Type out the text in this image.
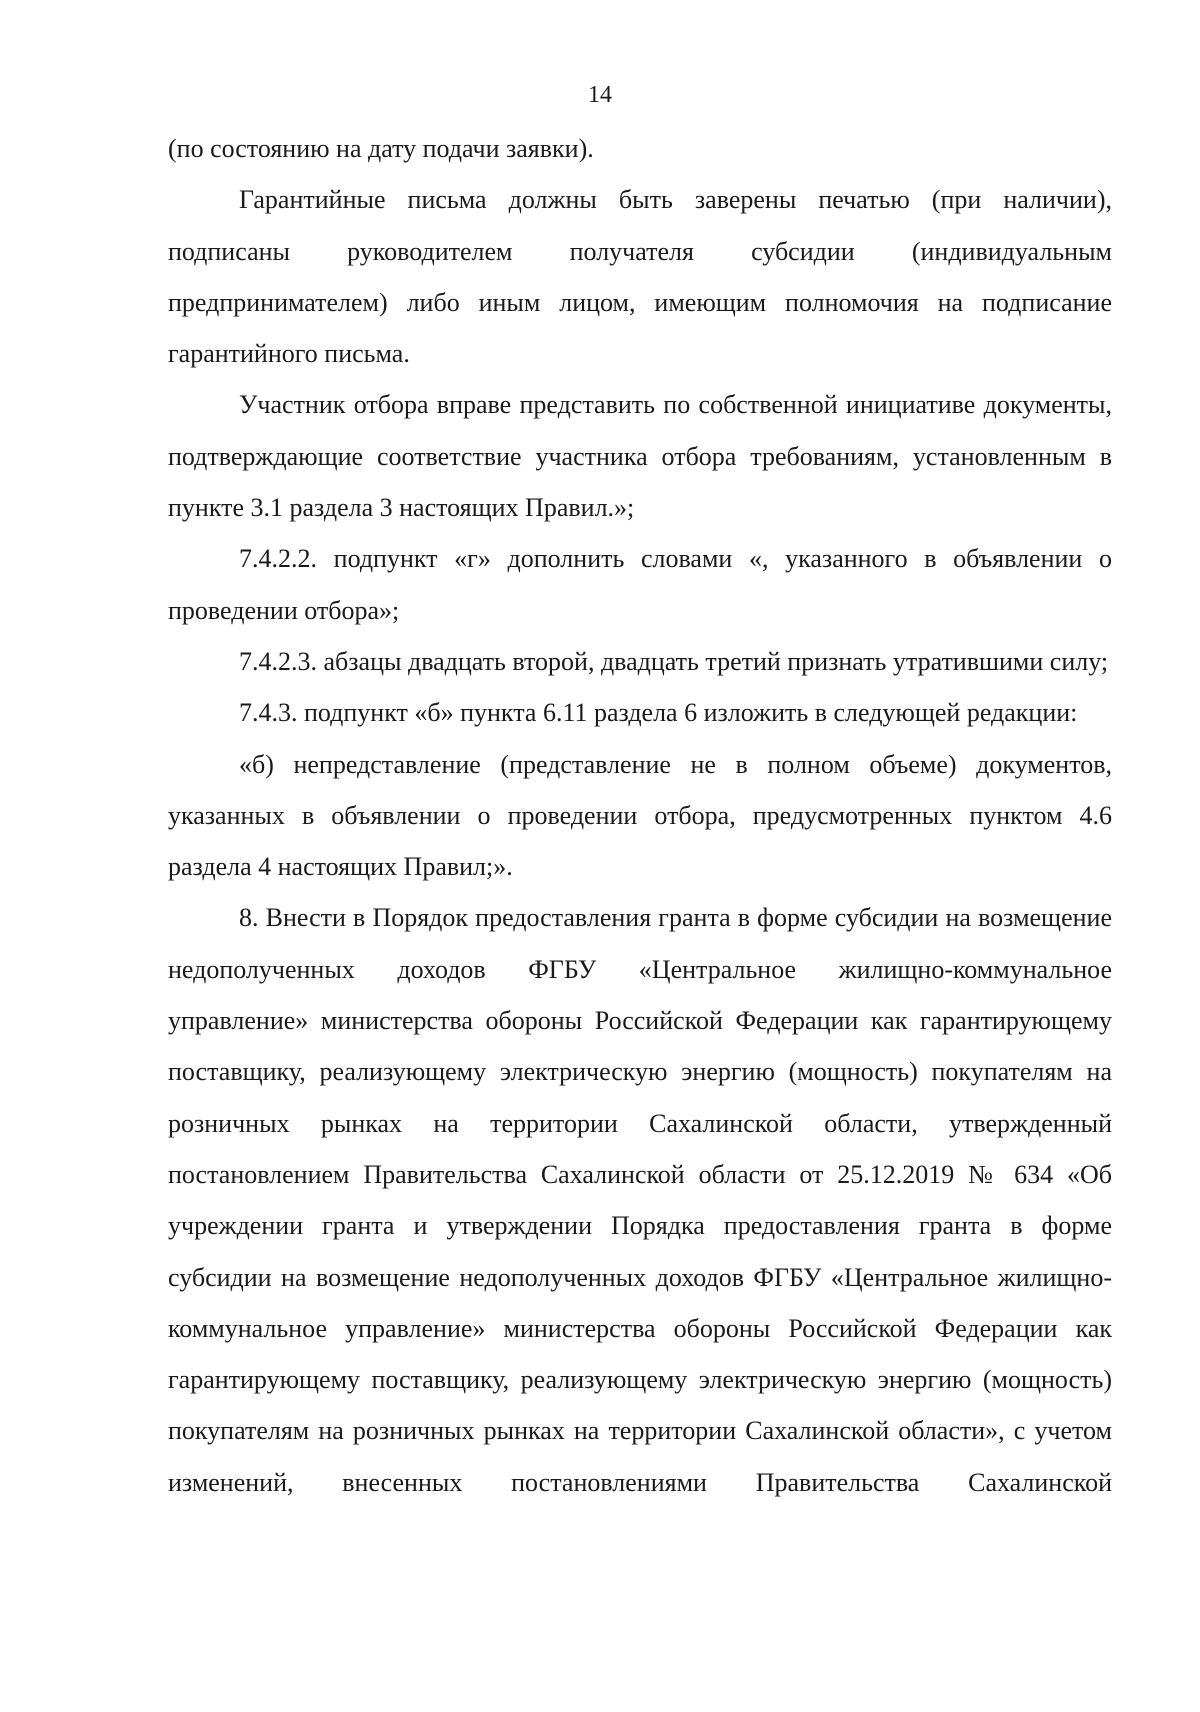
14

(по состоянию на дату подачи заявки).

Гарантийные письма должны быть заверены печатью (при наличии), подписаны руководителем получателя субсидии (индивидуальным предпринимателем) либо иным лицом, имеющим полномочия на подписание гарантийного письма.

Участник отбора вправе представить по собственной инициативе документы, подтверждающие соответствие участника отбора требованиям, установленным в пункте 3.1 раздела 3 настоящих Правил.»;

7.4.2.2. подпункт «г» дополнить словами «, указанного в объявлении о проведении отбора»;

7.4.2.3. абзацы двадцать второй, двадцать третий признать утратившими силу;

7.4.3. подпункт «б» пункта 6.11 раздела 6 изложить в следующей редакции:

«б) непредставление (представление не в полном объеме) документов, указанных в объявлении о проведении отбора, предусмотренных пунктом 4.6 раздела 4 настоящих Правил;».

8. Внести в Порядок предоставления гранта в форме субсидии на возмещение недополученных доходов ФГБУ «Центральное жилищно-коммунальное управление» министерства обороны Российской Федерации как гарантирующему поставщику, реализующему электрическую энергию (мощность) покупателям на розничных рынках на территории Сахалинской области, утвержденный постановлением Правительства Сахалинской области от 25.12.2019 № 634 «Об учреждении гранта и утверждении Порядка предоставления гранта в форме субсидии на возмещение недополученных доходов ФГБУ «Центральное жилищно-коммунальное управление» министерства обороны Российской Федерации как гарантирующему поставщику, реализующему электрическую энергию (мощность) покупателям на розничных рынках на территории Сахалинской области», с учетом изменений, внесенных постановлениями Правительства Сахалинской
